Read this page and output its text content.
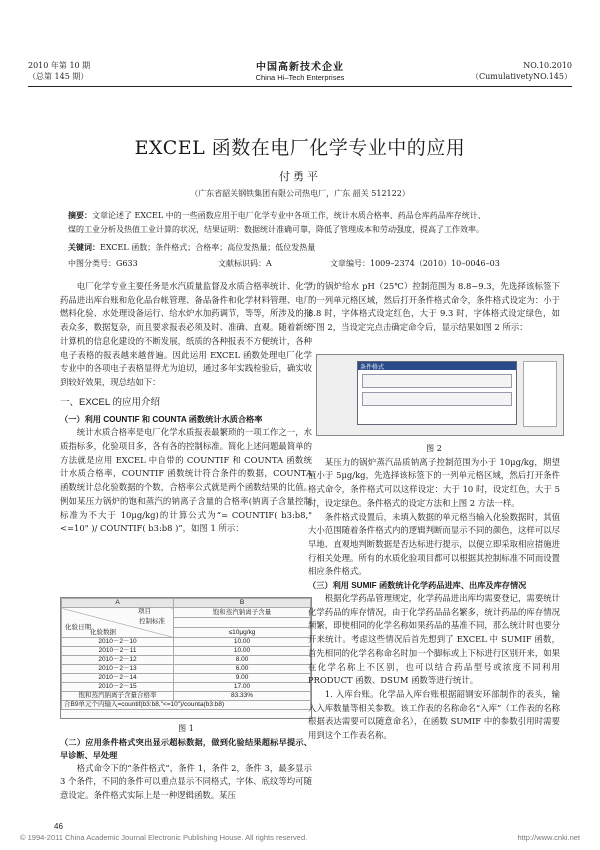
2010 年第 10 期
（总第 145 期）
中国高新技术企业
China Hi–Tech Enterprises
NO.10.2010
（CumulativetyNO.145）
EXCEL 函数在电厂化学专业中的应用
付勇平
（广东省韶关钢铁集团有限公司热电厂，广东 韶关 512122）
摘要：文章论述了 EXCEL 中的一些函数应用于电厂化学专业中各项工作，统计水质合格率、药品仓库药品库存统计、
煤的工业分析及热值工业计算的状况，结果证明：数据统计准确可靠，降低了管理成本和劳动强度，提高了工作效率。
关键词：EXCEL 函数；条件格式；合格率；高位发热量；低位发热量
中图分类号：G633	文献标识码：A	文章编号：1009–2374（2010）10–0046–03

电厂化学专业主要任务是水汽质量监督及水质合格率统计、化学药品进出库台账和危化品台帐管理、备品备件和化学材料管理、电厂燃料化验、水处理设备运行、给水炉水加药调节，等等，所涉及的报表众多，数据复杂，而且要求报表必须及时、准确、直观。随着新统计算机的信息化建设的不断发展，纸质的各种报表不方便统计，各种电子表格的报表越来越普遍。因此运用 EXCEL 函数处理电厂化学专业中的各项电子表格显得尤为迫切，通过多年实践检验后，确实收到较好效果，现总结如下：

一、EXCEL 的应用介绍
（一）利用 COUNTIF 和 COUNTA 函数统计水质合格率

统计水质合格率是电厂化学水质报表最繁琐的一项工作之一，水质指标多，化验项目多，各有各的控制标准。简化上述问题最简单的方法就是应用 EXCEL 中自带的 COUNTIF 和 COUNTA 函数统计水质合格率，COUNTIF 函数统计符合条件的数据，COUNTA 函数统计总化验数据的个数，合格率公式就是两个函数结果的比值。例如某压力锅炉的饱和蒸汽的钠离子含量的合格率(钠离子含量控制标准为不大于 10μg/kg)的计算公式为“= COUNTIF( b3:b8,"<=10" )/ COUNTIF( b3:b8 )”，如图 1 所示：

A	B

项目
控制标准
化验日期
化验数据	饱和蒸汽钠离子含量

	≤10μg/kg
2010－2－10	10.00
2010－2－11	10.00
2010－2－12	8.00
2010－2－13	6.00
2010－2－14	9.00
2010－2－15	17.00
饱和蒸汽钠离子含量合格率	83.33%
合B9单元个内输入=countif(b3:b8,"<=10")/counta(b3:b8)	
图 1
（二）应用条件格式突出显示超标数据，做到化验结果超标早提示、早诊断、早处理

格式命令下的“条件格式”，条件 1，条件 2，条件 3，最多显示 3 个条件，不同的条件可以重点显示不同格式，字体、底纹等均可随意设定。条件格式实际上是一种逻辑函数。某压

力的锅炉给水 pH（25℃）控制范围为 8.8~9.3，先选择该标签下的一列单元格区域，然后打开条件格式命令，条件格式设定为：小于 8.8 时，字体格式设定红色，大于 9.3 时，字体格式设定绿色，如下图 2，当设定完点击确定命令后，显示结果如图 2 所示：

条件格式
图 2

某压力的锅炉蒸汽品质钠离子控制范围为小于 10μg/kg，期望值小于 5μg/kg，先选择该标签下的一列单元格区域，然后打开条件格式命令，条件格式可以这样设定：大于 10 时，设定红色，大于 5 时，设定绿色。条件格式的设定方法和上图 2 方法一样。

条件格式设置后，未填入数据的单元格当输入化验数据时，其值大小范围随着条件格式内的逻辑判断而显示不同的颜色，这样可以尽早地、直观地判断数据是否达标进行提示，以便立即采取相应措施进行相关处理。所有的水质化验项目都可以根据其控制标准不同而设置相应条件格式。

（三）利用 SUMIF 函数统计化学药品进库、出库及库存情况

根据化学药品管理规定，化学药品进出库均需要登记，需要统计化学药品的库存情况，由于化学药品品名繁多，统计药品的库存情况频繁，即使相同的化学名称如果药品的基准不同，那么统计时也要分开来统计。考虑这些情况后首先想到了 EXCEL 中 SUMIF 函数，首先相同的化学名称命名时加一个脚标或上下标进行区别开来，如果在化学名称上不区别，也可以结合药品型号或浓度不同利用 PRODUCT 函数、DSUM 函数等进行统计。

1. 入库台账。化学品入库台账根据韶钢安环部制作的表头，输入入库数量等相关参数。该工作表的名称命名“入库”（工作表的名称根据表达需要可以随意命名），在函数 SUMIF 中的参数引用时需要用到这个工作表名称。

© 1994-2011 China Academic Journal Electronic Publishing House. All rights reserved.	http://www.cnki.net
46
